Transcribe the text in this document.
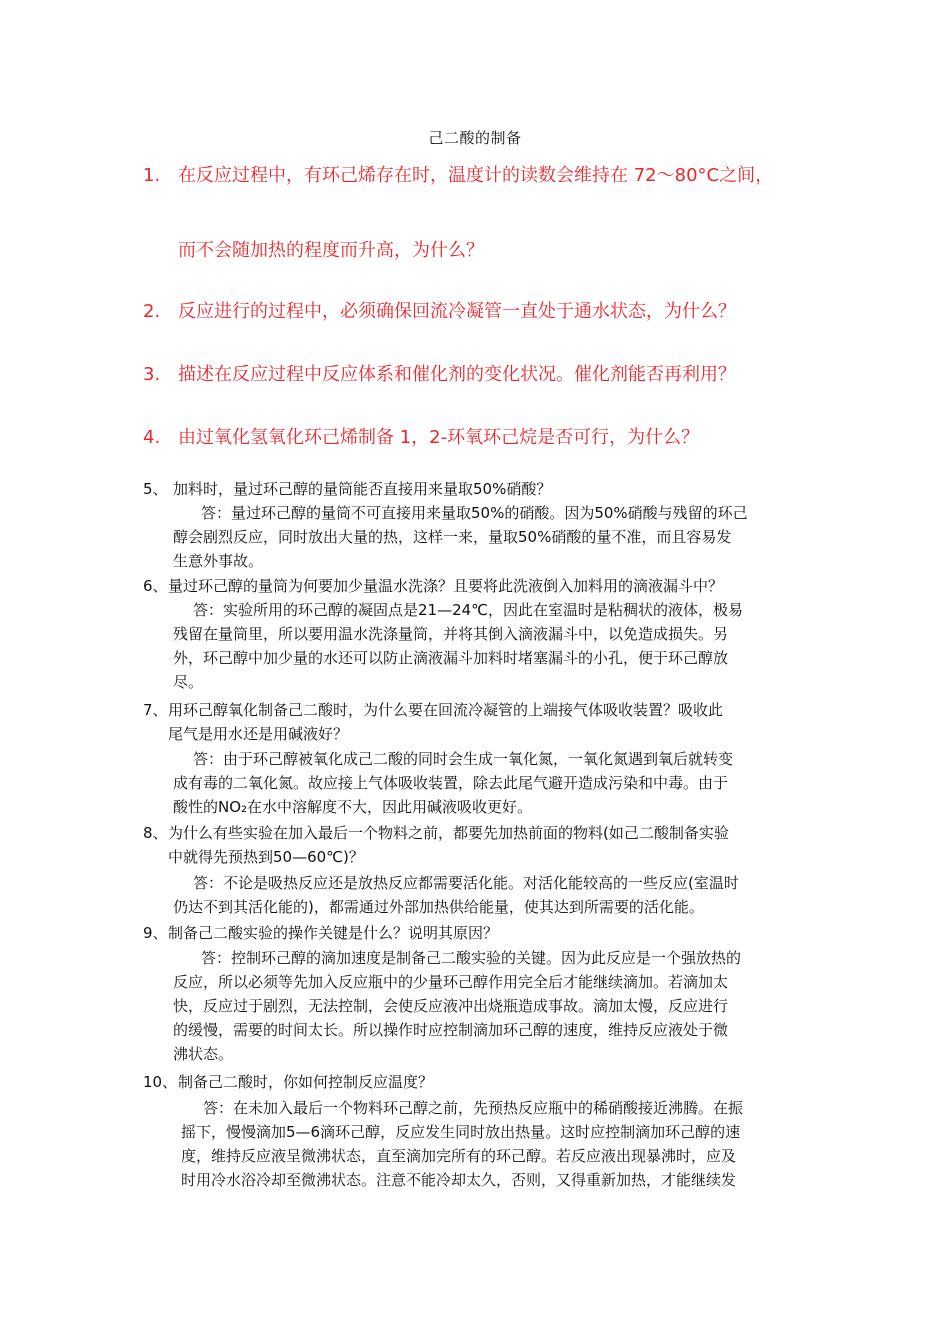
己二酸的制备
1. 在反应过程中，有环己烯存在时，温度计的读数会维持在 72～80°C之间，
而不会随加热的程度而升高，为什么？
2. 反应进行的过程中，必须确保回流冷凝管一直处于通水状态，为什么？
3. 描述在反应过程中反应体系和催化剂的变化状况。催化剂能否再利用？
4. 由过氧化氢氧化环己烯制备 1，2-环氧环己烷是否可行，为什么？
5、 加料时，量过环己醇的量筒能否直接用来量取50%硝酸？
答：量过环己醇的量筒不可直接用来量取50%的硝酸。因为50%硝酸与残留的环己
醇会剧烈反应，同时放出大量的热，这样一来，量取50%硝酸的量不准，而且容易发
生意外事故。
6、量过环己醇的量筒为何要加少量温水洗涤？且要将此洗液倒入加料用的滴液漏斗中？
答：实验所用的环己醇的凝固点是21—24℃，因此在室温时是粘稠状的液体，极易
残留在量筒里，所以要用温水洗涤量筒，并将其倒入滴液漏斗中，以免造成损失。另
外，环己醇中加少量的水还可以防止滴液漏斗加料时堵塞漏斗的小孔，便于环己醇放
尽。
7、用环己醇氧化制备己二酸时，为什么要在回流冷凝管的上端接气体吸收装置？吸收此
尾气是用水还是用碱液好？
答：由于环己醇被氧化成己二酸的同时会生成一氧化氮，一氧化氮遇到氧后就转变
成有毒的二氧化氮。故应接上气体吸收装置，除去此尾气避开造成污染和中毒。由于
酸性的NO₂在水中溶解度不大，因此用碱液吸收更好。
8、为什么有些实验在加入最后一个物料之前，都要先加热前面的物料(如己二酸制备实验
中就得先预热到50—60℃)？
答：不论是吸热反应还是放热反应都需要活化能。对活化能较高的一些反应(室温时
仍达不到其活化能的)，都需通过外部加热供给能量，使其达到所需要的活化能。
9、制备己二酸实验的操作关键是什么？说明其原因？
答：控制环己醇的滴加速度是制备己二酸实验的关键。因为此反应是一个强放热的
反应，所以必须等先加入反应瓶中的少量环己醇作用完全后才能继续滴加。若滴加太
快，反应过于剧烈，无法控制，会使反应液冲出烧瓶造成事故。滴加太慢，反应进行
的缓慢，需要的时间太长。所以操作时应控制滴加环己醇的速度，维持反应液处于微
沸状态。
10、制备己二酸时，你如何控制反应温度？
答：在未加入最后一个物料环己醇之前，先预热反应瓶中的稀硝酸接近沸腾。在振
摇下，慢慢滴加5—6滴环己醇，反应发生同时放出热量。这时应控制滴加环己醇的速
度，维持反应液呈微沸状态，直至滴加完所有的环己醇。若反应液出现暴沸时，应及
时用冷水浴冷却至微沸状态。注意不能冷却太久，否则，又得重新加热，才能继续发
